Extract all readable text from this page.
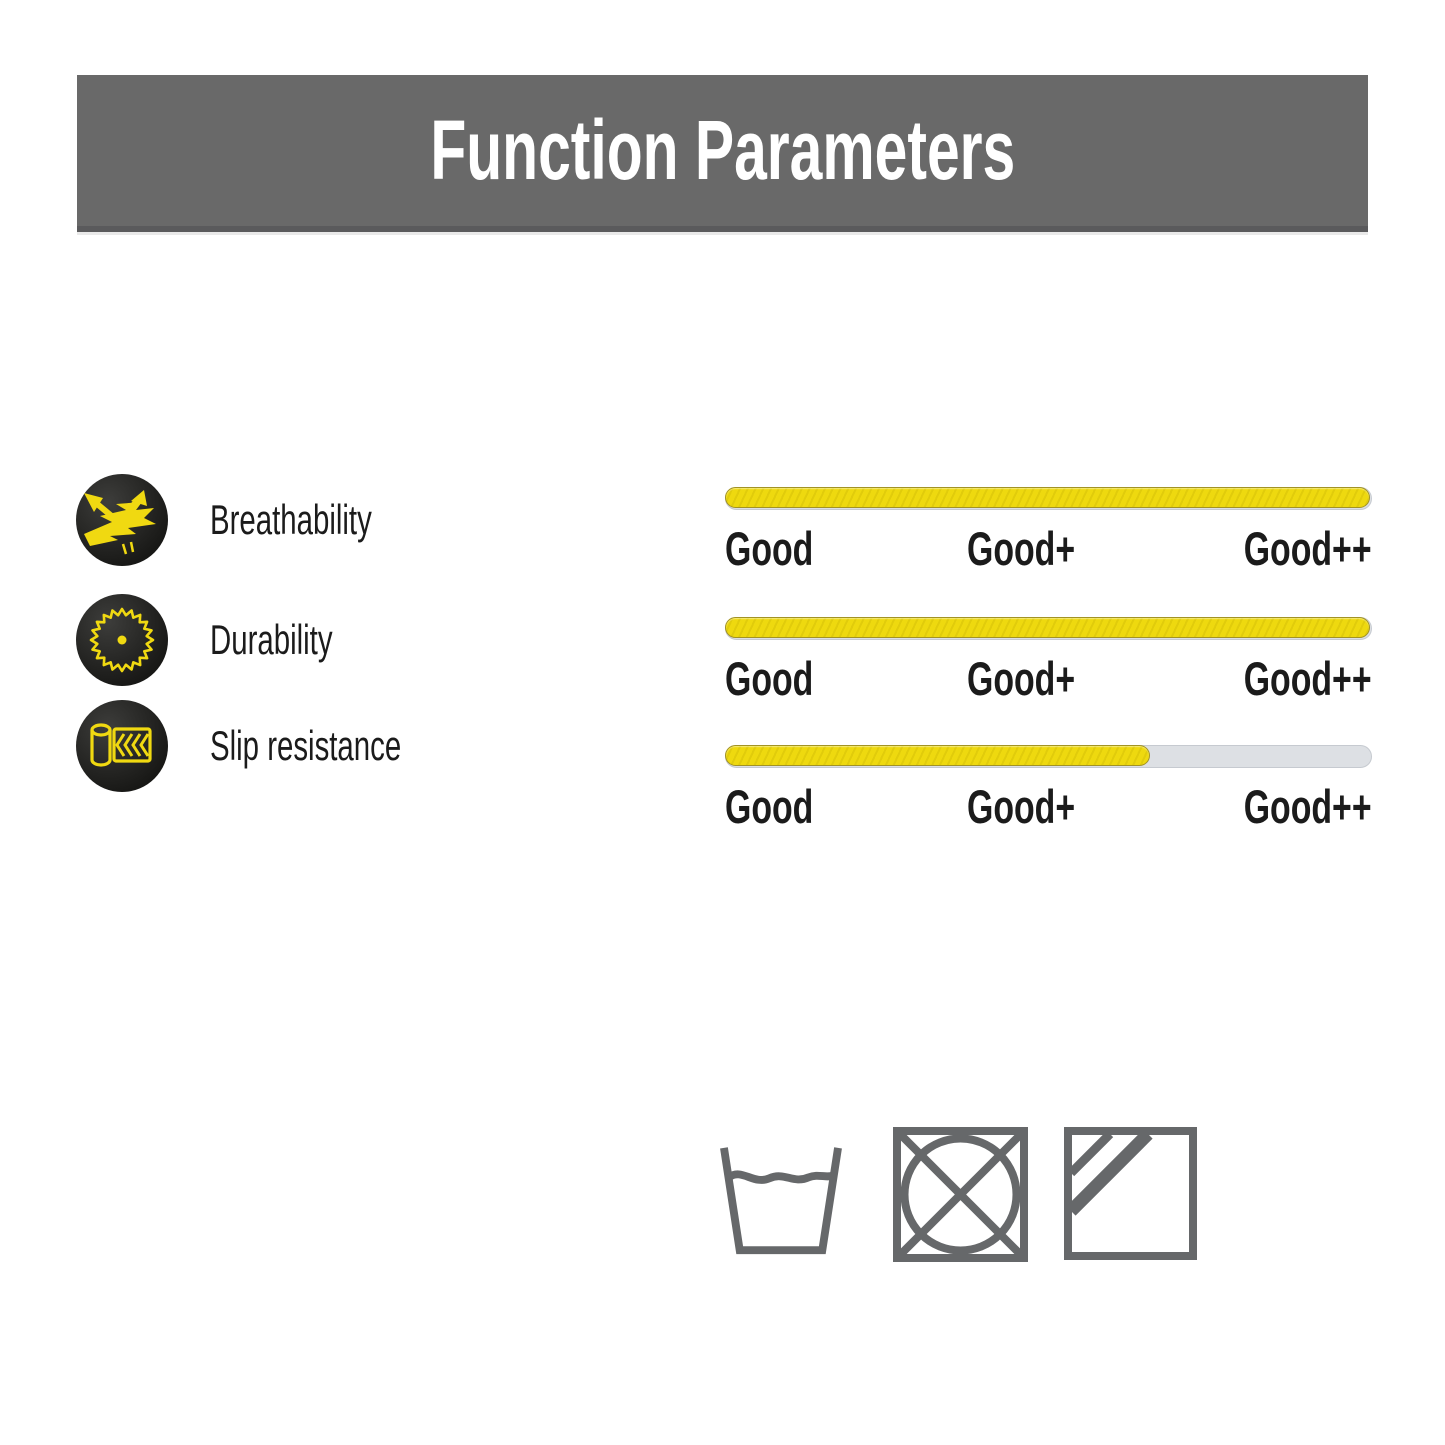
Function Parameters
Breathability
Good	Good+	Good++
Durability
Good	Good+	Good++
Slip resistance
Good	Good+	Good++
